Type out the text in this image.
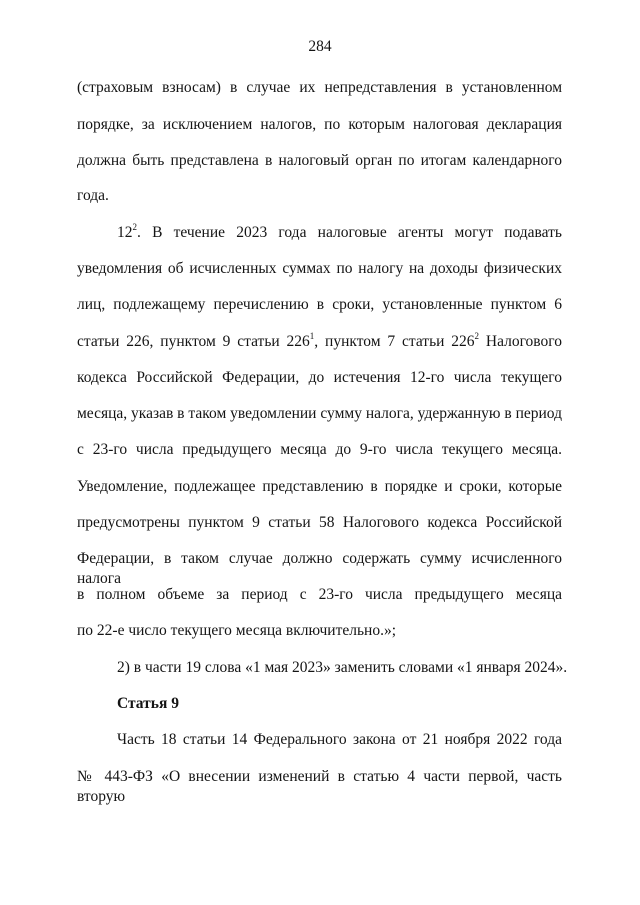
284
(страховым взносам) в случае их непредставления в установленном
порядке, за исключением налогов, по которым налоговая декларация
должна быть представлена в налоговый орган по итогам календарного
года.
$12^2$. В течение 2023 года налоговые агенты могут подавать
уведомления об исчисленных суммах по налогу на доходы физических
лиц, подлежащему перечислению в сроки, установленные пунктом 6
статьи 226, пунктом 9 статьи $226^1$, пунктом 7 статьи $226^2$ Налогового
кодекса Российской Федерации, до истечения 12-го числа текущего
месяца, указав в таком уведомлении сумму налога, удержанную в период
с 23-го числа предыдущего месяца до 9-го числа текущего месяца.
Уведомление, подлежащее представлению в порядке и сроки, которые
предусмотрены пунктом 9 статьи 58 Налогового кодекса Российской
Федерации, в таком случае должно содержать сумму исчисленного налога
в полном объеме за период с 23-го числа предыдущего месяца
по 22-е число текущего месяца включительно.»;
2) в части 19 слова «1 мая 2023» заменить словами «1 января 2024».
Статья 9
Часть 18 статьи 14 Федерального закона от 21 ноября 2022 года
№ 443-ФЗ «О внесении изменений в статью 4 части первой, часть вторую
